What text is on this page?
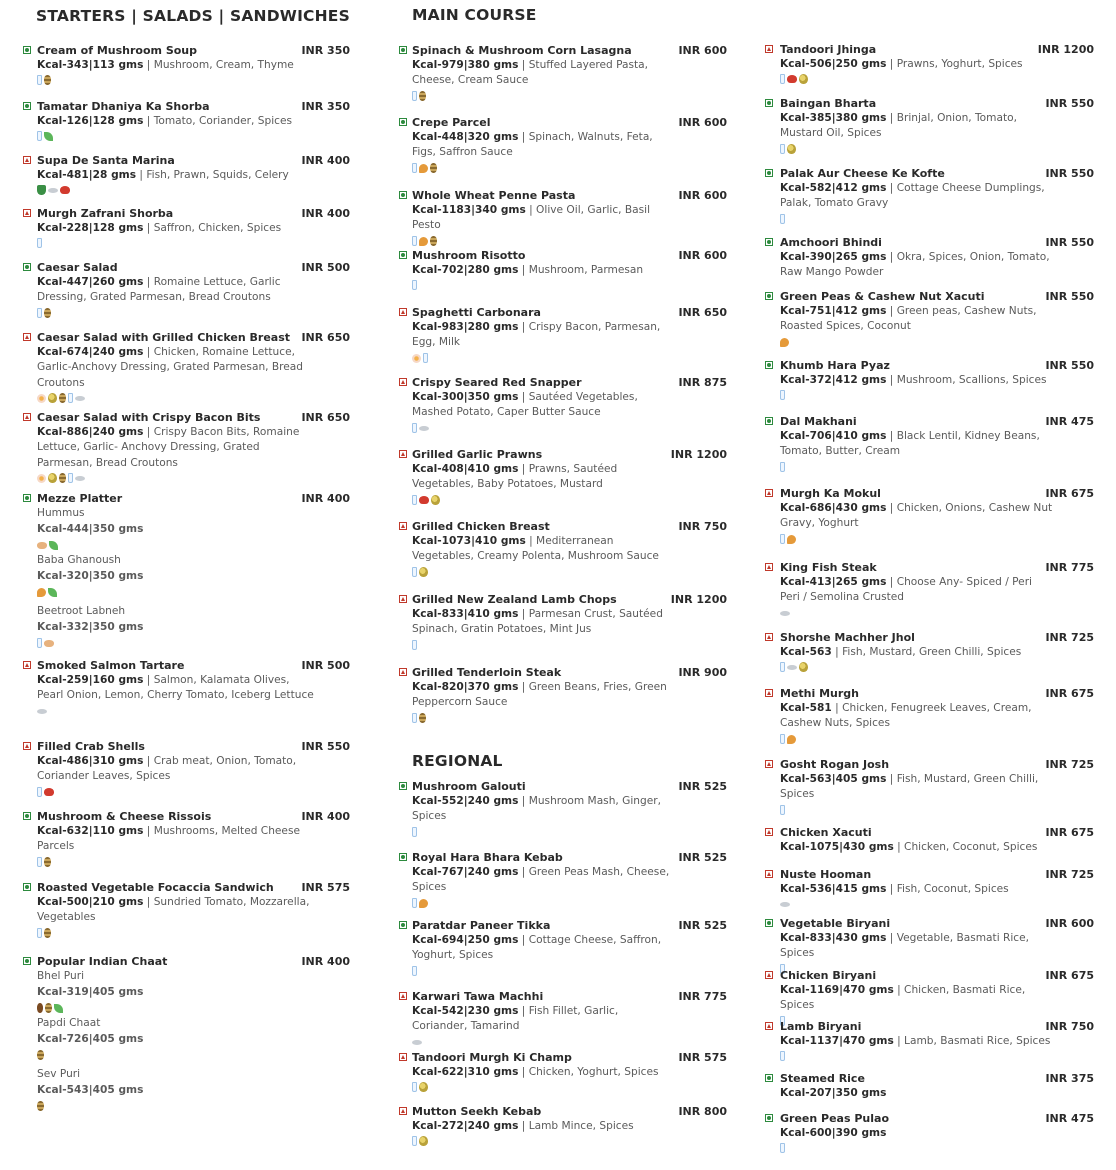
STARTERS | SALADS | SANDWICHES
Cream of Mushroom Soup	INR 350
Kcal-343|113 gms | Mushroom, Cream, Thyme
Tamatar Dhaniya Ka Shorba	INR 350
Kcal-126|128 gms | Tomato, Coriander, Spices
Supa De Santa Marina	INR 400
Kcal-481|28 gms | Fish, Prawn, Squids, Celery
Murgh Zafrani Shorba	INR 400
Kcal-228|128 gms | Saffron, Chicken, Spices
Caesar Salad	INR 500
Kcal-447|260 gms | Romaine Lettuce, Garlic Dressing, Grated Parmesan, Bread Croutons
Caesar Salad with Grilled Chicken Breast INR 650
Kcal-674|240 gms | Chicken, Romaine Lettuce, Garlic-Anchovy Dressing, Grated Parmesan, Bread Croutons
Caesar Salad with Crispy Bacon Bits	INR 650
Kcal-886|240 gms | Crispy Bacon Bits, Romaine Lettuce, Garlic- Anchovy Dressing, Grated Parmesan, Bread Croutons
Mezze Platter	INR 400
Hummus
Kcal-444|350 gms
Baba Ghanoush
Kcal-320|350 gms
Beetroot Labneh
Kcal-332|350 gms
Smoked Salmon Tartare	INR 500
Kcal-259|160 gms | Salmon, Kalamata Olives, Pearl Onion, Lemon, Cherry Tomato, Iceberg Lettuce
Filled Crab Shells	INR 550
Kcal-486|310 gms | Crab meat, Onion, Tomato, Coriander Leaves, Spices
Mushroom & Cheese Rissois	INR 400
Kcal-632|110 gms | Mushrooms, Melted Cheese Parcels
Roasted Vegetable Focaccia Sandwich	INR 575
Kcal-500|210 gms | Sundried Tomato, Mozzarella, Vegetables
Popular Indian Chaat	INR 400
Bhel Puri
Kcal-319|405 gms
Papdi Chaat
Kcal-726|405 gms
Sev Puri
Kcal-543|405 gms
MAIN COURSE
REGIONAL
Spinach & Mushroom Corn Lasagna	INR 600
Kcal-979|380 gms | Stuffed Layered Pasta, Cheese, Cream Sauce
Crepe Parcel	INR 600
Kcal-448|320 gms | Spinach, Walnuts, Feta, Figs, Saffron Sauce
Whole Wheat Penne Pasta	INR 600
Kcal-1183|340 gms | Olive Oil, Garlic, Basil Pesto
Mushroom Risotto	INR 600
Kcal-702|280 gms | Mushroom, Parmesan
Spaghetti Carbonara	INR 650
Kcal-983|280 gms | Crispy Bacon, Parmesan, Egg, Milk
Crispy Seared Red Snapper	INR 875
Kcal-300|350 gms | Sautéed Vegetables, Mashed Potato, Caper Butter Sauce
Grilled Garlic Prawns	INR 1200
Kcal-408|410 gms | Prawns, Sautéed Vegetables, Baby Potatoes, Mustard
Grilled Chicken Breast	INR 750
Kcal-1073|410 gms | Mediterranean Vegetables, Creamy Polenta, Mushroom Sauce
Grilled New Zealand Lamb Chops	INR 1200
Kcal-833|410 gms | Parmesan Crust, Sautéed Spinach, Gratin Potatoes, Mint Jus
Grilled Tenderloin Steak	INR 900
Kcal-820|370 gms | Green Beans, Fries, Green Peppercorn Sauce
Mushroom Galouti	INR 525
Kcal-552|240 gms | Mushroom Mash, Ginger, Spices
Royal Hara Bhara Kebab	INR 525
Kcal-767|240 gms | Green Peas Mash, Cheese, Spices
Paratdar Paneer Tikka	INR 525
Kcal-694|250 gms | Cottage Cheese, Saffron, Yoghurt, Spices
Karwari Tawa Machhi	INR 775
Kcal-542|230 gms | Fish Fillet, Garlic, Coriander, Tamarind
Tandoori Murgh Ki Champ	INR 575
Kcal-622|310 gms | Chicken, Yoghurt, Spices
Mutton Seekh Kebab	INR 800
Kcal-272|240 gms | Lamb Mince, Spices
Tandoori Jhinga	INR 1200
Kcal-506|250 gms | Prawns, Yoghurt, Spices
Baingan Bharta	INR 550
Kcal-385|380 gms | Brinjal, Onion, Tomato, Mustard Oil, Spices
Palak Aur Cheese Ke Kofte	INR 550
Kcal-582|412 gms | Cottage Cheese Dumplings, Palak, Tomato Gravy
Amchoori Bhindi	INR 550
Kcal-390|265 gms | Okra, Spices, Onion, Tomato, Raw Mango Powder
Green Peas & Cashew Nut Xacuti	INR 550
Kcal-751|412 gms | Green peas, Cashew Nuts, Roasted Spices, Coconut
Khumb Hara Pyaz	INR 550
Kcal-372|412 gms | Mushroom, Scallions, Spices
Dal Makhani	INR 475
Kcal-706|410 gms | Black Lentil, Kidney Beans, Tomato, Butter, Cream
Murgh Ka Mokul	INR 675
Kcal-686|430 gms | Chicken, Onions, Cashew Nut Gravy, Yoghurt
King Fish Steak	INR 775
Kcal-413|265 gms | Choose Any- Spiced / Peri Peri / Semolina Crusted
Shorshe Machher Jhol	INR 725
Kcal-563 | Fish, Mustard, Green Chilli, Spices
Methi Murgh	INR 675
Kcal-581 | Chicken, Fenugreek Leaves, Cream, Cashew Nuts, Spices
Gosht Rogan Josh	INR 725
Kcal-563|405 gms | Fish, Mustard, Green Chilli, Spices
Chicken Xacuti	INR 675
Kcal-1075|430 gms | Chicken, Coconut, Spices
Nuste Hooman	INR 725
Kcal-536|415 gms | Fish, Coconut, Spices
Vegetable Biryani	INR 600
Kcal-833|430 gms | Vegetable, Basmati Rice, Spices
Chicken Biryani	INR 675
Kcal-1169|470 gms | Chicken, Basmati Rice, Spices
Lamb Biryani	INR 750
Kcal-1137|470 gms | Lamb, Basmati Rice, Spices
Steamed Rice	INR 375
Kcal-207|350 gms
Green Peas Pulao	INR 475
Kcal-600|390 gms
